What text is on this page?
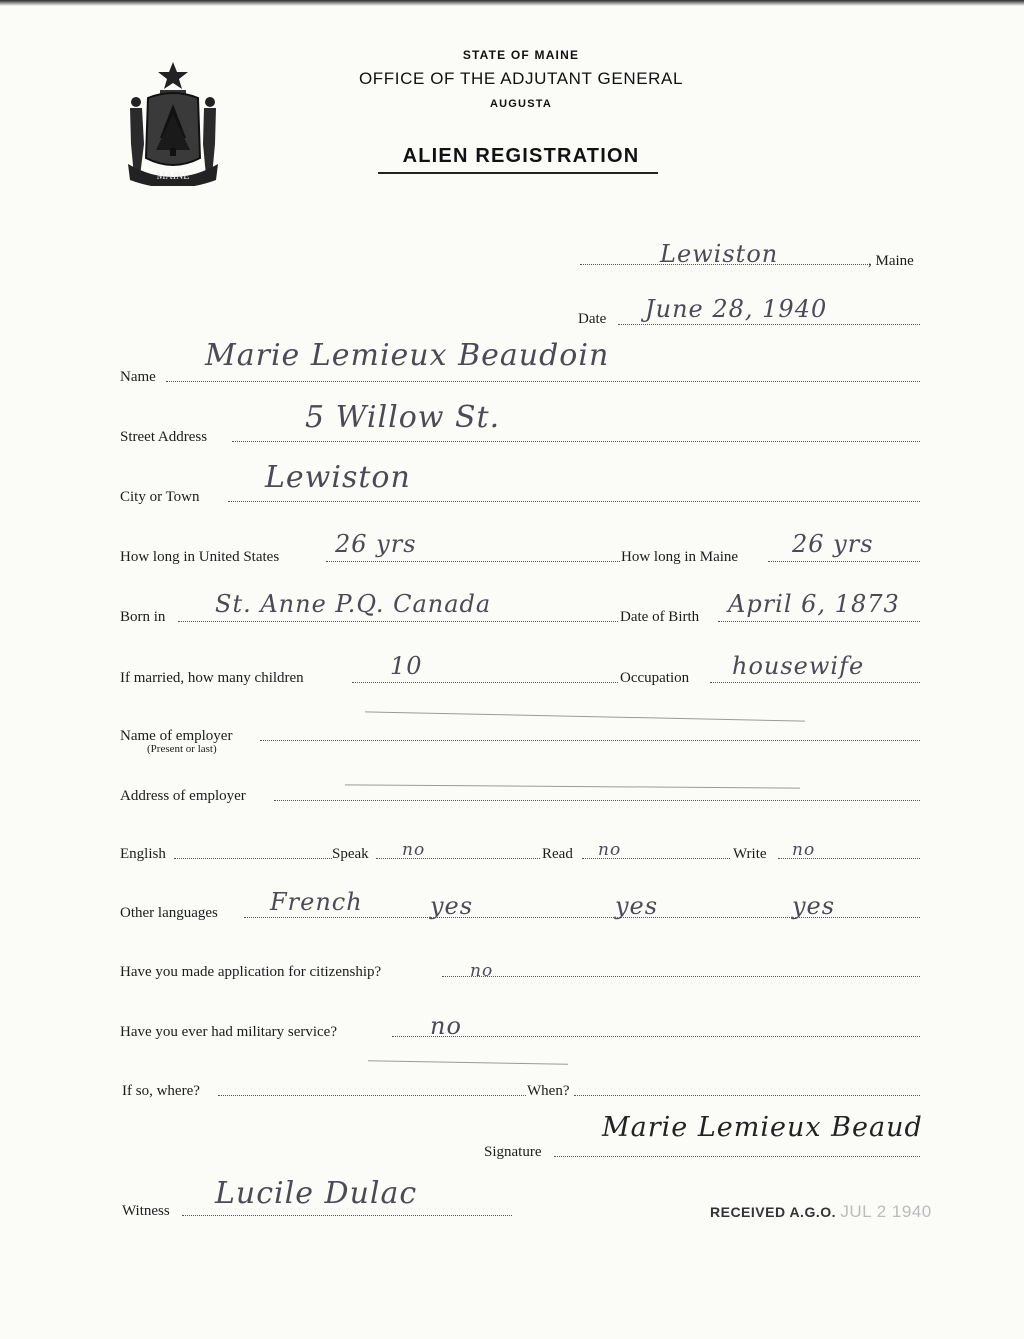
MAINE
STATE OF MAINE
OFFICE OF THE ADJUTANT GENERAL
AUGUSTA
ALIEN REGISTRATION
Lewiston	, Maine
Date June 28, 1940
Name
Marie Lemieux Beaudoin
Street Address
5 Willow St.
City or Town
Lewiston
How long in United States 26 yrs	How long in Maine 26 yrs
Born in St. Anne P.Q. Canada	Date of Birth April 6, 1873
If married, how many children	10	Occupation housewife
Name of employer
(Present or last)
Address of employer
English	Speak no	Read no	Write no
Other languages French	yes	yes	yes
Have you made application for citizenship?	no
Have you ever had military service?	no
If so, where?	When?
Signature
Marie Lemieux Beaud
Witness Lucile Dulac
RECEIVED A.G.O. JUL 2 1940
